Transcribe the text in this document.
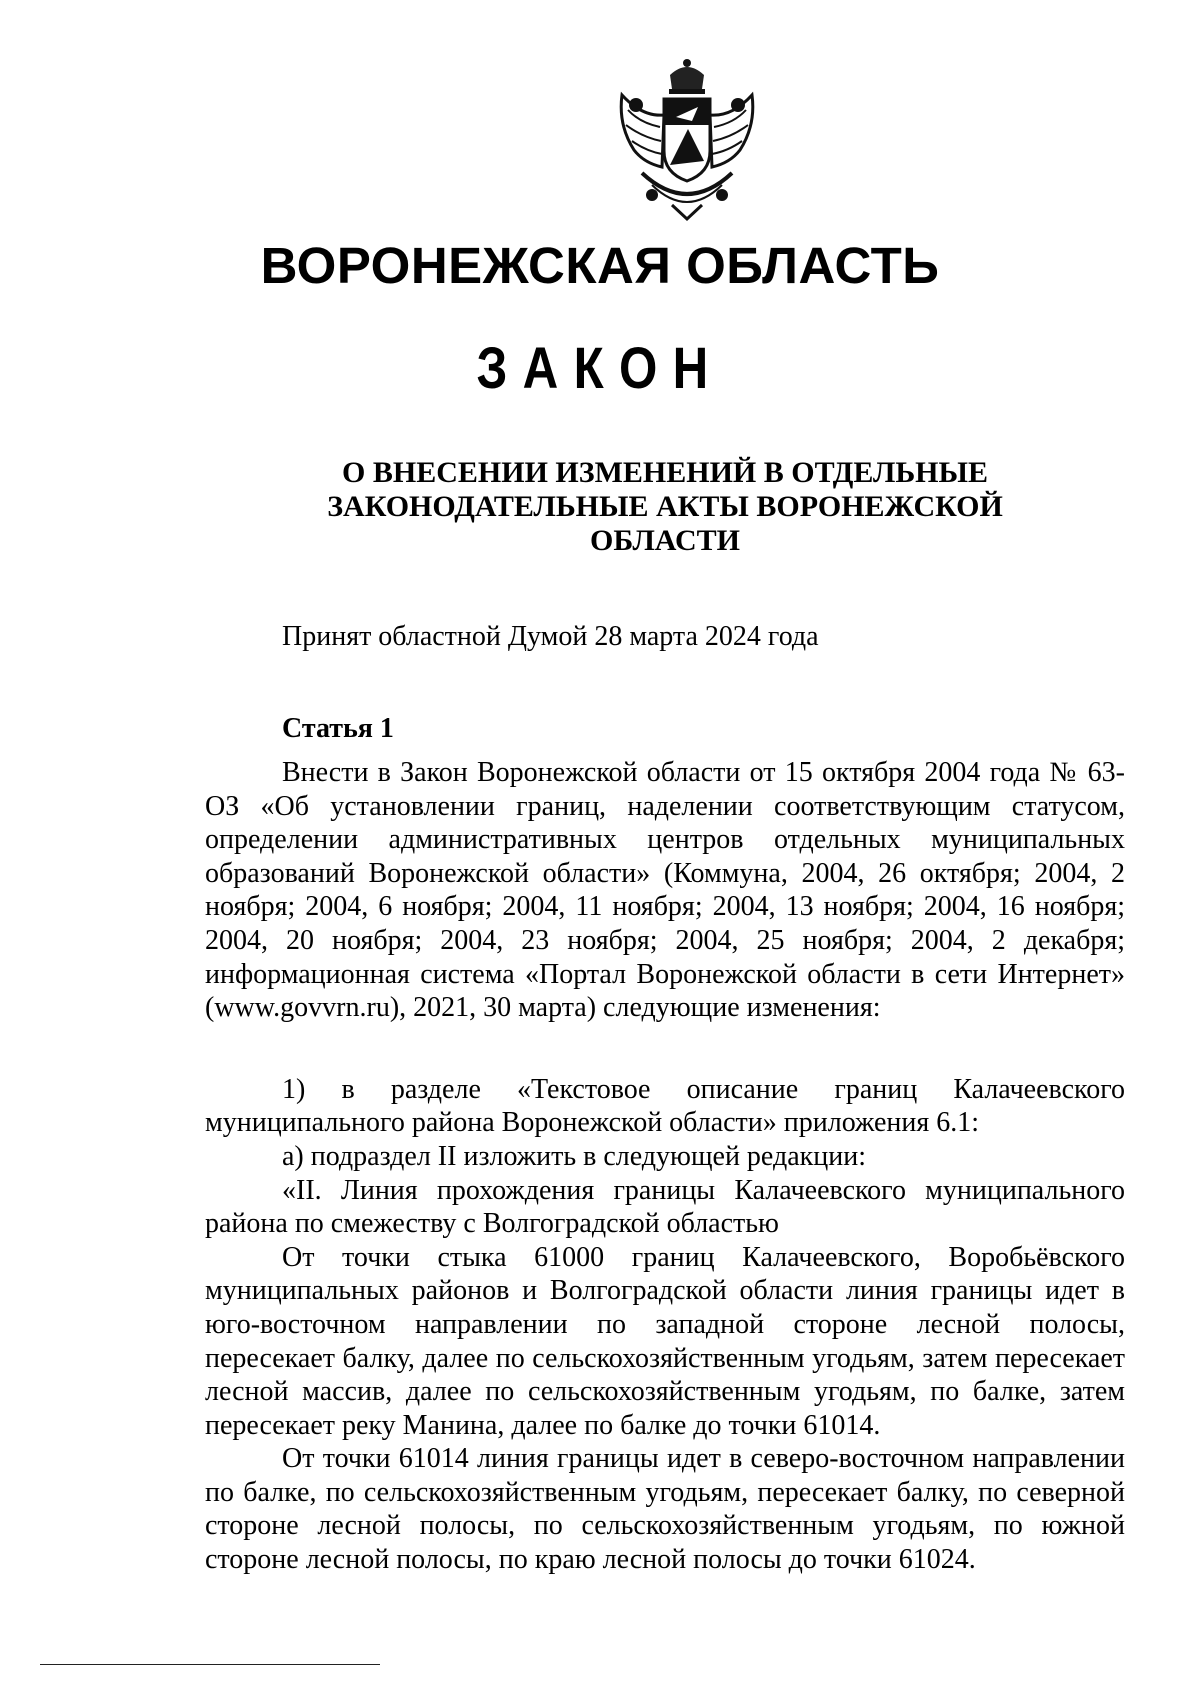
ВОРОНЕЖСКАЯ ОБЛАСТЬ
ЗАКОН
О ВНЕСЕНИИ ИЗМЕНЕНИЙ В ОТДЕЛЬНЫЕ
ЗАКОНОДАТЕЛЬНЫЕ АКТЫ ВОРОНЕЖСКОЙ
ОБЛАСТИ
Принят областной Думой 28 марта 2024 года
Статья 1

Внести в Закон Воронежской области от 15 октября 2004 года № 63-ОЗ «Об установлении границ, наделении соответствующим статусом, определении административных центров отдельных муниципальных образований Воронежской области» (Коммуна, 2004, 26 октября; 2004, 2 ноября; 2004, 6 ноября; 2004, 11 ноября; 2004, 13 ноября; 2004, 16 ноября; 2004, 20 ноября; 2004, 23 ноября; 2004, 25 ноября; 2004, 2 декабря; информационная система «Портал Воронежской области в сети Интернет» (www.govvrn.ru), 2021, 30 марта) следующие изменения:

1) в разделе «Текстовое описание границ Калачеевского муниципального района Воронежской области» приложения 6.1:

а) подраздел II изложить в следующей редакции:

«II. Линия прохождения границы Калачеевского муниципального района по смежеству с Волгоградской областью

От точки стыка 61000 границ Калачеевского, Воробьёвского муниципальных районов и Волгоградской области линия границы идет в юго-восточном направлении по западной стороне лесной полосы, пересекает балку, далее по сельскохозяйственным угодьям, затем пересекает лесной массив, далее по сельскохозяйственным угодьям, по балке, затем пересекает реку Манина, далее по балке до точки 61014.

От точки 61014 линия границы идет в северо-восточном направлении по балке, по сельскохозяйственным угодьям, пересекает балку, по северной стороне лесной полосы, по сельскохозяйственным угодьям, по южной стороне лесной полосы, по краю лесной полосы до точки 61024.
